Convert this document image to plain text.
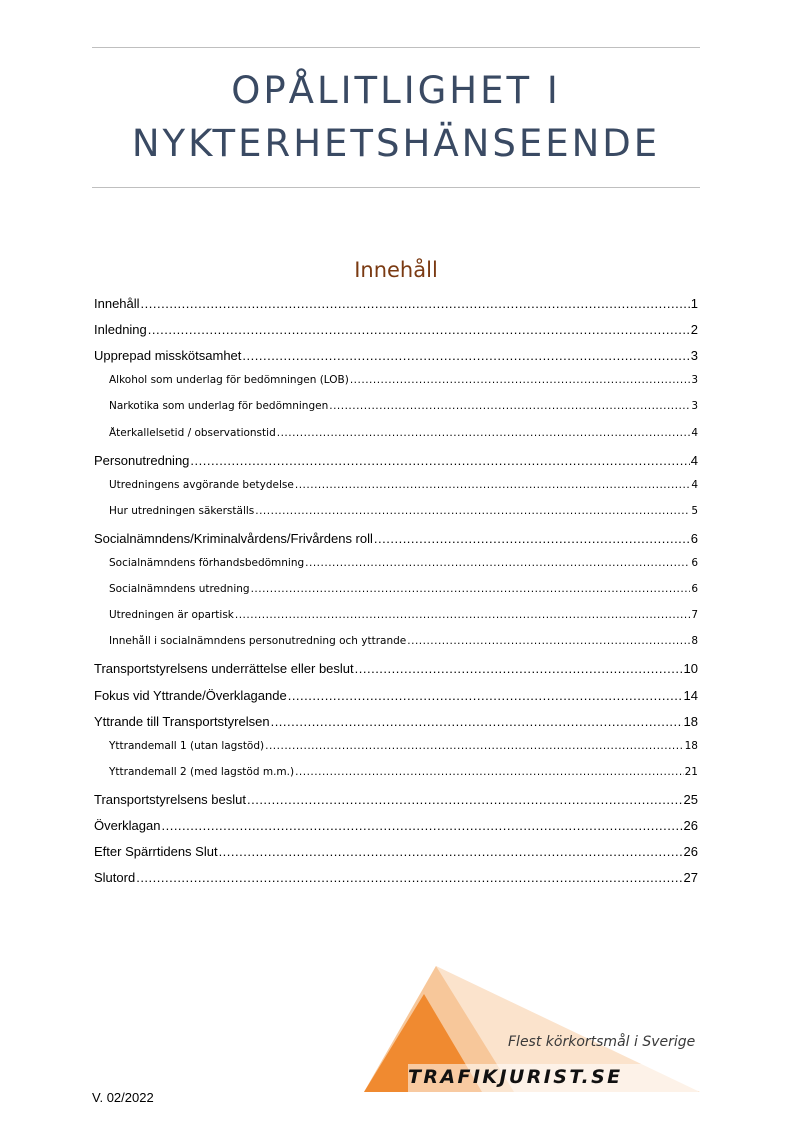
OPÅLITLIGHET I
NYKTERHETSHÄNSEENDE
Innehåll
Innehåll .....	1
Inledning .....	2
Upprepad misskötsamhet .....	3
Alkohol som underlag för bedömningen (LOB) .....	3
Narkotika som underlag för bedömningen .....	3
Återkallelsetid / observationstid .....	4
Personutredning .....	4
Utredningens avgörande betydelse .....	4
Hur utredningen säkerställs .....	5
Socialnämndens/Kriminalvårdens/Frivårdens roll .....	6
Socialnämndens förhandsbedömning .....	6
Socialnämndens utredning .....	6
Utredningen är opartisk .....	7
Innehåll i socialnämndens personutredning och yttrande .....	8
Transportstyrelsens underrättelse eller beslut .....	10
Fokus vid Yttrande/Överklagande .....	14
Yttrande till Transportstyrelsen .....	18
Yttrandemall 1 (utan lagstöd) .....	18
Yttrandemall 2 (med lagstöd m.m.) .....	21
Transportstyrelsens beslut .....	25
Överklagan .....	26
Efter Spärrtidens Slut .....	26
Slutord .....	27

Flest körkortsmål i Sverige

TRAFIKJURIST.SE

V. 02/2022
